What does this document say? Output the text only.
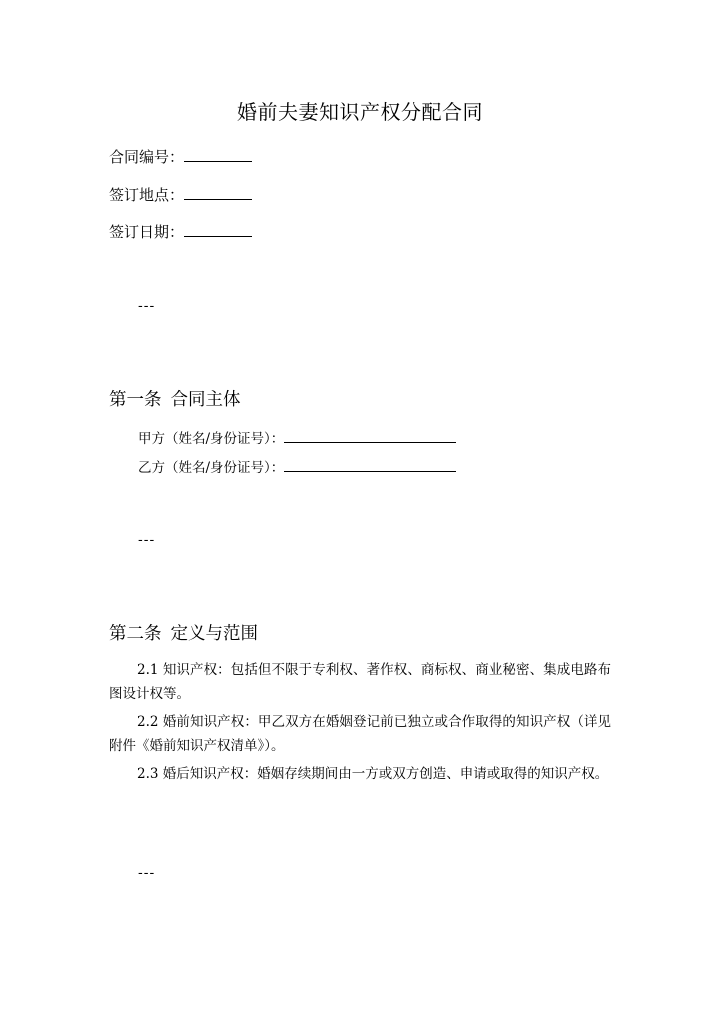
婚前夫妻知识产权分配合同
合同编号：
签订地点：
签订日期：
---
第一条 合同主体
甲方（姓名/身份证号）：
乙方（姓名/身份证号）：
---
第二条 定义与范围

2.1 知识产权：包括但不限于专利权、著作权、商标权、商业秘密、集成电路布图设计权等。

2.2 婚前知识产权：甲乙双方在婚姻登记前已独立或合作取得的知识产权（详见附件《婚前知识产权清单》）。

2.3 婚后知识产权：婚姻存续期间由一方或双方创造、申请或取得的知识产权。

---
